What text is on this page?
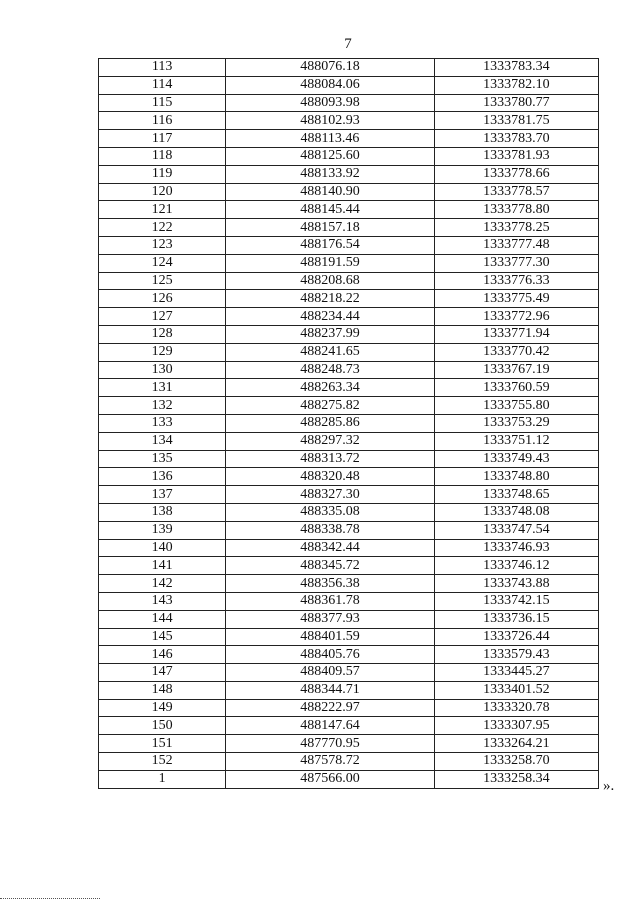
7
113	488076.18	1333783.34
114	488084.06	1333782.10
115	488093.98	1333780.77
116	488102.93	1333781.75
117	488113.46	1333783.70
118	488125.60	1333781.93
119	488133.92	1333778.66
120	488140.90	1333778.57
121	488145.44	1333778.80
122	488157.18	1333778.25
123	488176.54	1333777.48
124	488191.59	1333777.30
125	488208.68	1333776.33
126	488218.22	1333775.49
127	488234.44	1333772.96
128	488237.99	1333771.94
129	488241.65	1333770.42
130	488248.73	1333767.19
131	488263.34	1333760.59
132	488275.82	1333755.80
133	488285.86	1333753.29
134	488297.32	1333751.12
135	488313.72	1333749.43
136	488320.48	1333748.80
137	488327.30	1333748.65
138	488335.08	1333748.08
139	488338.78	1333747.54
140	488342.44	1333746.93
141	488345.72	1333746.12
142	488356.38	1333743.88
143	488361.78	1333742.15
144	488377.93	1333736.15
145	488401.59	1333726.44
146	488405.76	1333579.43
147	488409.57	1333445.27
148	488344.71	1333401.52
149	488222.97	1333320.78
150	488147.64	1333307.95
151	487770.95	1333264.21
152	487578.72	1333258.70
1	487566.00	1333258.34	».
